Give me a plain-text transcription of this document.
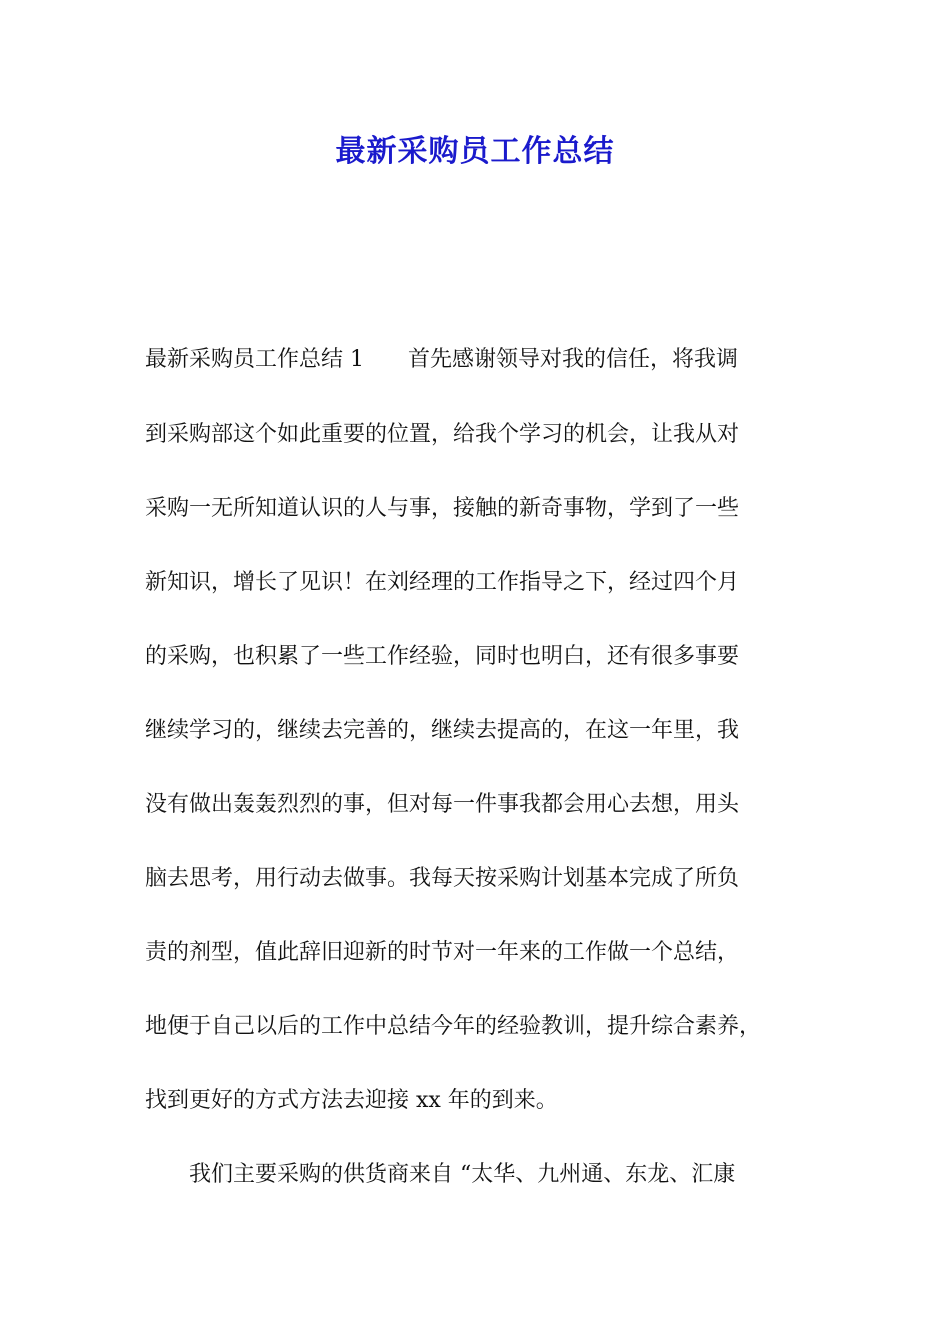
最新采购员工作总结
最新采购员工作总结 1　　首先感谢领导对我的信任，将我调
到采购部这个如此重要的位置，给我个学习的机会，让我从对
采购一无所知道认识的人与事，接触的新奇事物，学到了一些
新知识，增长了见识！在刘经理的工作指导之下，经过四个月
的采购，也积累了一些工作经验，同时也明白，还有很多事要
继续学习的，继续去完善的，继续去提高的，在这一年里，我
没有做出轰轰烈烈的事，但对每一件事我都会用心去想，用头
脑去思考，用行动去做事。我每天按采购计划基本完成了所负
责的剂型，值此辞旧迎新的时节对一年来的工作做一个总结，
地便于自己以后的工作中总结今年的经验教训，提升综合素养，
找到更好的方式方法去迎接 xx 年的到来。
　　我们主要采购的供货商来自 “太华、九州通、东龙、汇康
